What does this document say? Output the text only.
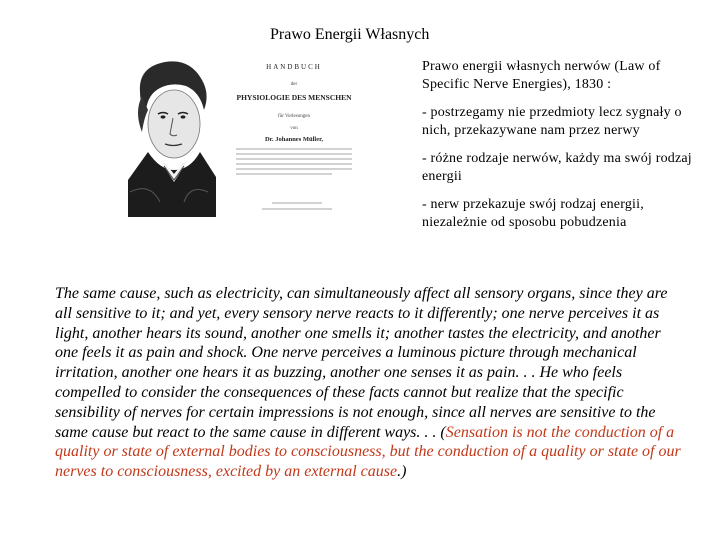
Prawo Energii Własnych
HANDBUCH
der
PHYSIOLOGIE DES MENSCHEN
für Vorlesungen
von
Dr. Johannes Müller,

Prawo energii własnych nerwów (Law of Specific Nerve Energies), 1830 :

- postrzegamy nie przedmioty lecz sygnały o nich, przekazywane nam przez nerwy

- różne rodzaje nerwów, każdy ma swój rodzaj energii

- nerw przekazuje swój rodzaj energii, niezależnie od sposobu pobudzenia

The same cause, such as electricity, can simultaneously affect all sensory organs, since they are all sensitive to it; and yet, every sensory nerve reacts to it differently; one nerve perceives it as light, another hears its sound, another one smells it; another tastes the electricity, and another one feels it as pain and shock. One nerve perceives a luminous picture through mechanical irritation, another one hears it as buzzing, another one senses it as pain. . . He who feels compelled to consider the consequences of these facts cannot but realize that the specific sensibility of nerves for certain impressions is not enough, since all nerves are sensitive to the same cause but react to the same cause in different ways. . . (Sensation is not the conduction of a quality or state of external bodies to consciousness, but the conduction of a quality or state of our nerves to consciousness, excited by an external cause.)
